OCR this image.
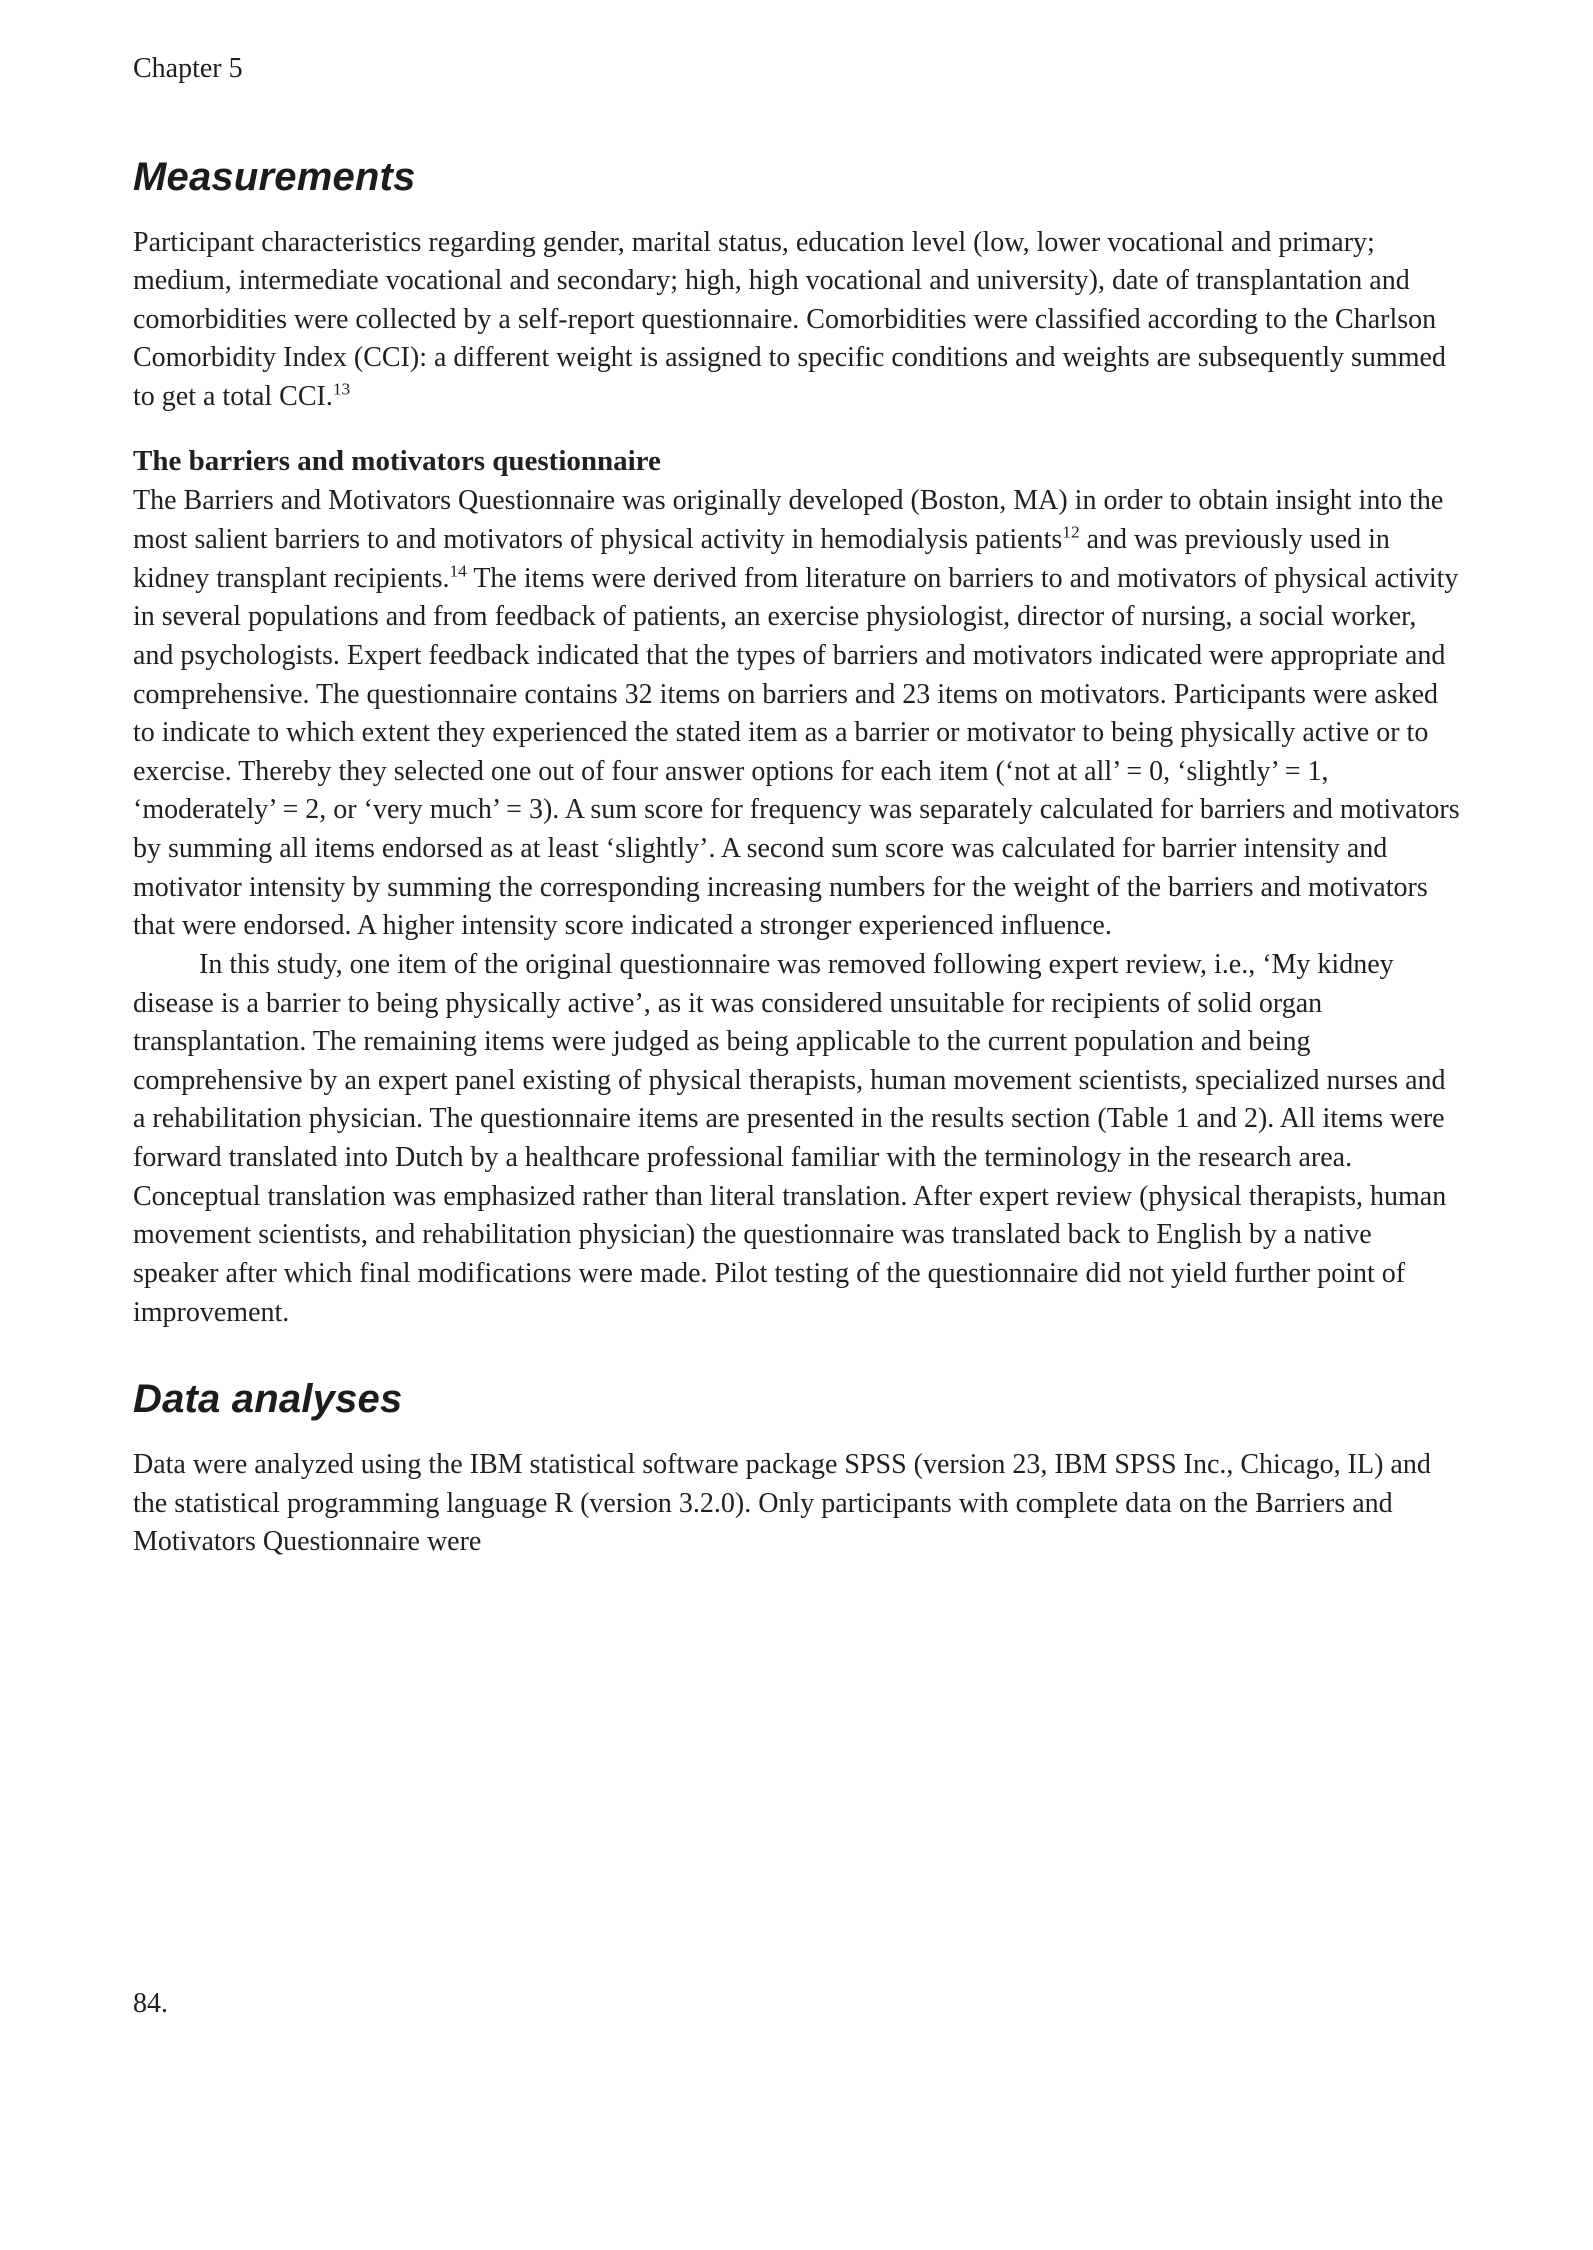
Chapter 5
Measurements

Participant characteristics regarding gender, marital status, education level (low, lower vocational and primary; medium, intermediate vocational and secondary; high, high vocational and university), date of transplantation and comorbidities were collected by a self-report questionnaire. Comorbidities were classified according to the Charlson Comorbidity Index (CCI): a different weight is assigned to specific conditions and weights are subsequently summed to get a total CCI.$^{13}$

The barriers and motivators questionnaire

The Barriers and Motivators Questionnaire was originally developed (Boston, MA) in order to obtain insight into the most salient barriers to and motivators of physical activity in hemodialysis patients$^{12}$ and was previously used in kidney transplant recipients.$^{14}$ The items were derived from literature on barriers to and motivators of physical activity in several populations and from feedback of patients, an exercise physiologist, director of nursing, a social worker, and psychologists. Expert feedback indicated that the types of barriers and motivators indicated were appropriate and comprehensive. The questionnaire contains 32 items on barriers and 23 items on motivators. Participants were asked to indicate to which extent they experienced the stated item as a barrier or motivator to being physically active or to exercise. Thereby they selected one out of four answer options for each item (‘not at all’ = 0, ‘slightly’ = 1, ‘moderately’ = 2, or ‘very much’ = 3). A sum score for frequency was separately calculated for barriers and motivators by summing all items endorsed as at least ‘slightly’. A second sum score was calculated for barrier intensity and motivator intensity by summing the corresponding increasing numbers for the weight of the barriers and motivators that were endorsed. A higher intensity score indicated a stronger experienced influence.

In this study, one item of the original questionnaire was removed following expert review, i.e., ‘My kidney disease is a barrier to being physically active’, as it was considered unsuitable for recipients of solid organ transplantation. The remaining items were judged as being applicable to the current population and being comprehensive by an expert panel existing of physical therapists, human movement scientists, specialized nurses and a rehabilitation physician. The questionnaire items are presented in the results section (Table 1 and 2). All items were forward translated into Dutch by a healthcare professional familiar with the terminology in the research area. Conceptual translation was emphasized rather than literal translation. After expert review (physical therapists, human movement scientists, and rehabilitation physician) the questionnaire was translated back to English by a native speaker after which final modifications were made. Pilot testing of the questionnaire did not yield further point of improvement.

Data analyses

Data were analyzed using the IBM statistical software package SPSS (version 23, IBM SPSS Inc., Chicago, IL) and the statistical programming language R (version 3.2.0). Only participants with complete data on the Barriers and Motivators Questionnaire were

84.
